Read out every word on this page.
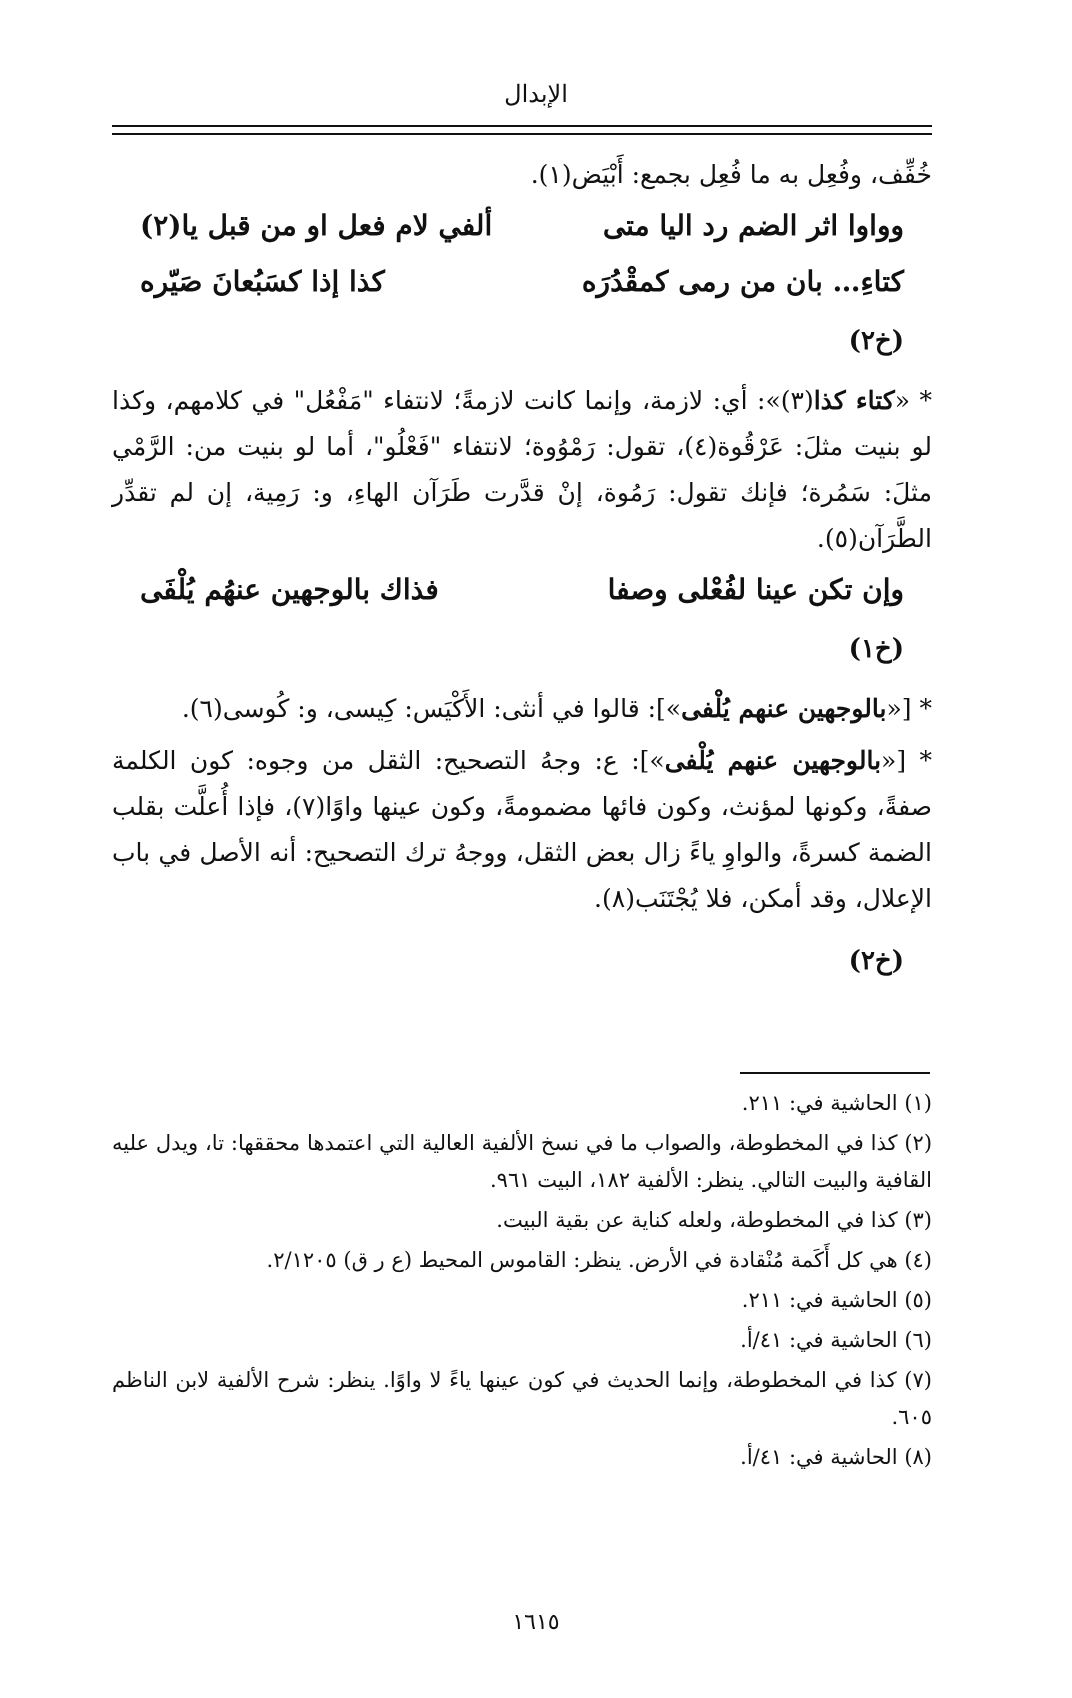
الإبدال

خُفِّف، وفُعِل به ما فُعِل بجمع: أَبْيَض(١).

وواوا اثر الضم رد اليا متى
ألفي لام فعل او من قبل يا(٢)
كتاءِ… بان من رمى كمقْدُرَه
كذا إذا كسَبُعانَ صَيّره
(خ٢)

* «كتاء كذا(٣)»: أي: لازمة، وإنما كانت لازمةً؛ لانتفاء "مَفْعُل" في كلامهم، وكذا لو بنيت مثلَ: عَرْقُوة(٤)، تقول: رَمْوُوة؛ لانتفاء "فَعْلُو"، أما لو بنيت من: الرَّمْي مثلَ: سَمُرة؛ فإنك تقول: رَمُوة، إنْ قدَّرت طَرَآن الهاءِ، و: رَمِية، إن لم تقدِّر الطَّرَآن(٥).

وإن تكن عينا لفُعْلى وصفا
فذاك بالوجهين عنهُم يُلْفَى
(خ١)

* [«بالوجهين عنهم يُلْفى»]: قالوا في أنثى: الأَكْيَس: كِيسى، و: كُوسى(٦).

* [«بالوجهين عنهم يُلْفى»]: ع: وجهُ التصحيح: الثقل من وجوه: كون الكلمة صفةً، وكونها لمؤنث، وكون فائها مضمومةً، وكون عينها واوًا(٧)، فإذا أُعلَّت بقلب الضمة كسرةً، والواوِ ياءً زال بعض الثقل، ووجهُ ترك التصحيح: أنه الأصل في باب الإعلال، وقد أمكن، فلا يُجْتَنَب(٨).

(خ٢)

(١) الحاشية في: ٢١١.

(٢) كذا في المخطوطة، والصواب ما في نسخ الألفية العالية التي اعتمدها محققها: تا، ويدل عليه القافية والبيت التالي. ينظر: الألفية ١٨٢، البيت ٩٦١.

(٣) كذا في المخطوطة، ولعله كناية عن بقية البيت.

(٤) هي كل أَكَمة مُنْقادة في الأرض. ينظر: القاموس المحيط (ع ر ق) ٢/١٢٠٥.

(٥) الحاشية في: ٢١١.

(٦) الحاشية في: ٤١/أ.

(٧) كذا في المخطوطة، وإنما الحديث في كون عينها ياءً لا واوًا. ينظر: شرح الألفية لابن الناظم ٦٠٥.

(٨) الحاشية في: ٤١/أ.

١٦١٥
